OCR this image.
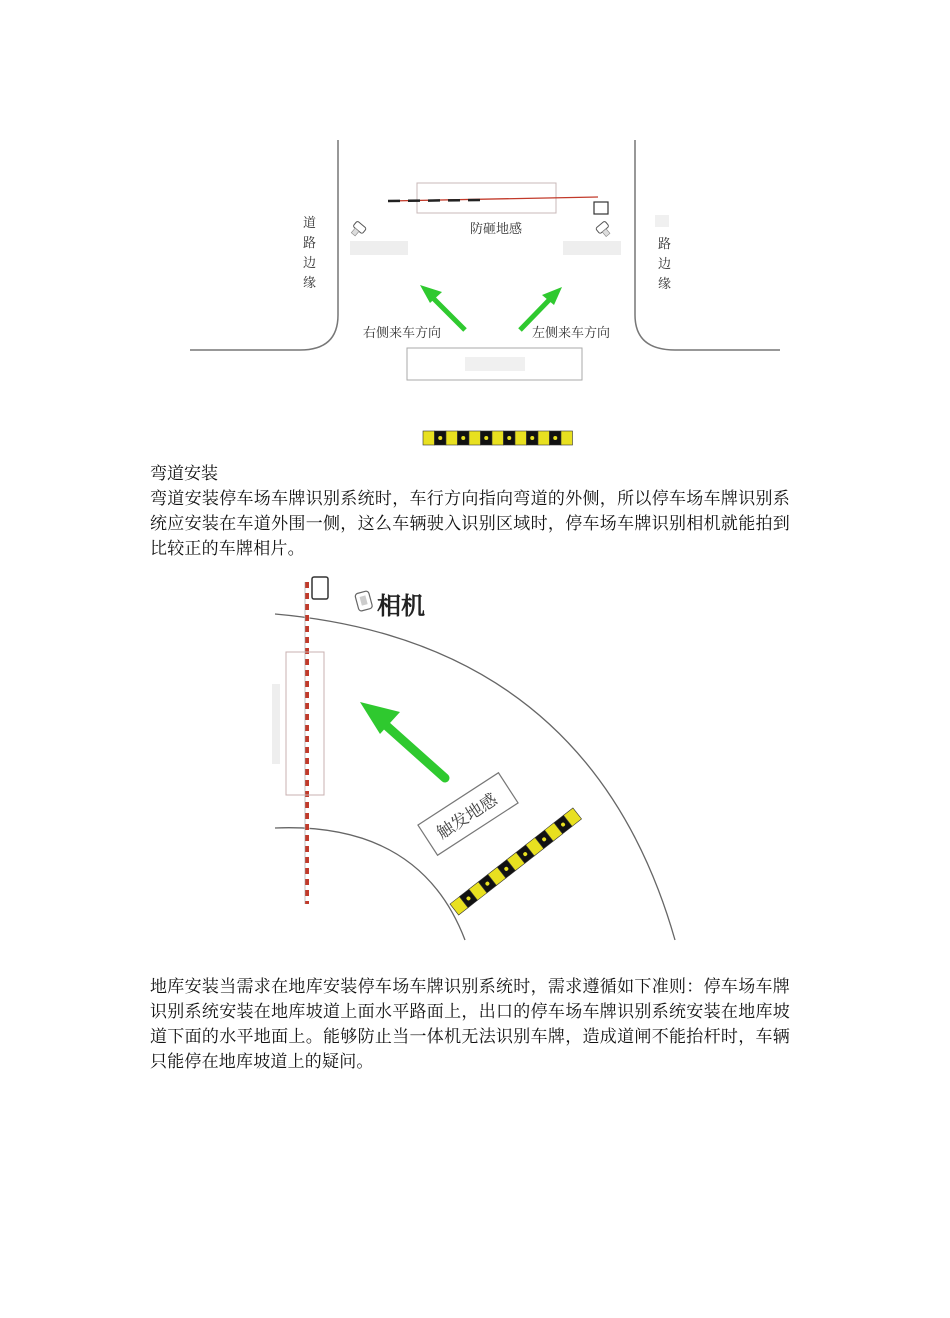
防砸地感
右侧来车方向	左侧来车方向
道 路 边 缘
路 边 缘
弯道安装

弯道安装停车场车牌识别系统时，车行方向指向弯道的外侧，所以停车场车牌识别系统应安装在车道外围一侧，这么车辆驶入识别区域时，停车场车牌识别相机就能拍到比较正的车牌相片。

相机
触发地感

地库安装当需求在地库安装停车场车牌识别系统时，需求遵循如下准则：停车场车牌识别系统安装在地库坡道上面水平路面上，出口的停车场车牌识别系统安装在地库坡道下面的水平地面上。能够防止当一体机无法识别车牌，造成道闸不能抬杆时，车辆只能停在地库坡道上的疑问。
